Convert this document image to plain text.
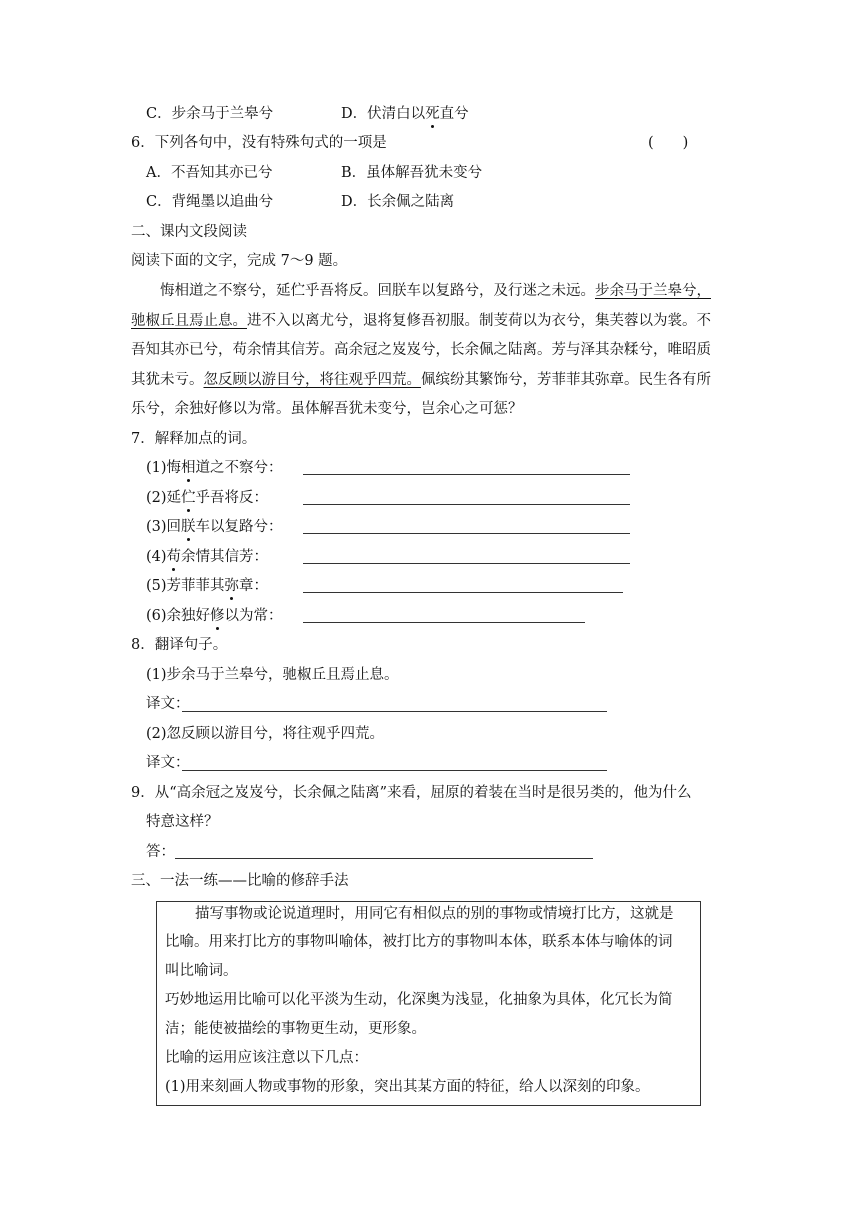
C．步余马于兰皋兮	D．伏清白以死直兮
6．下列各句中，没有特殊句式的一项是	(　　)
A．不吾知其亦已兮	B．虽体解吾犹未变兮
C．背绳墨以追曲兮	D．长余佩之陆离
二、课内文段阅读
阅读下面的文字，完成 7～9 题。
悔相道之不察兮，延伫乎吾将反。回朕车以复路兮，及行迷之未远。步余马于兰皋兮，
驰椒丘且焉止息。进不入以离尤兮，退将复修吾初服。制芰荷以为衣兮，集芙蓉以为裳。不
吾知其亦已兮，苟余情其信芳。高余冠之岌岌兮，长余佩之陆离。芳与泽其杂糅兮，唯昭质
其犹未亏。忽反顾以游目兮，将往观乎四荒。佩缤纷其繁饰兮，芳菲菲其弥章。民生各有所
乐兮，余独好修以为常。虽体解吾犹未变兮，岂余心之可惩？
7．解释加点的词。
(1)悔相道之不察兮：
(2)延伫乎吾将反：
(3)回朕车以复路兮：
(4)苟余情其信芳：
(5)芳菲菲其弥章：
(6)余独好修以为常：
8．翻译句子。
(1)步余马于兰皋兮，驰椒丘且焉止息。
译文：
(2)忽反顾以游目兮，将往观乎四荒。
译文：
9．从“高余冠之岌岌兮，长余佩之陆离”来看，屈原的着装在当时是很另类的，他为什么
特意这样？
答：
三、一法一练——比喻的修辞手法
描写事物或论说道理时，用同它有相似点的别的事物或情境打比方，这就是
比喻。用来打比方的事物叫喻体，被打比方的事物叫本体，联系本体与喻体的词
叫比喻词。
巧妙地运用比喻可以化平淡为生动，化深奥为浅显，化抽象为具体，化冗长为简
洁；能使被描绘的事物更生动，更形象。
比喻的运用应该注意以下几点：
(1)用来刻画人物或事物的形象，突出其某方面的特征，给人以深刻的印象。
